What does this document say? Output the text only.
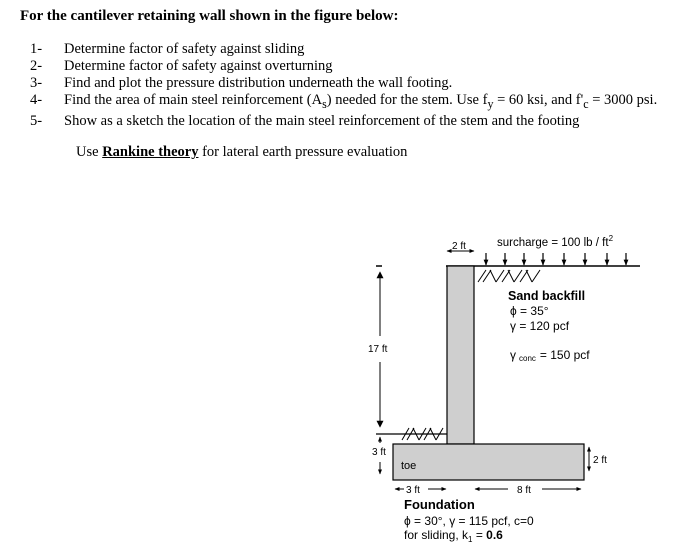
For the cantilever retaining wall shown in the figure below:
1- Determine factor of safety against sliding
2- Determine factor of safety against overturning
3- Find and plot the pressure distribution underneath the wall footing.
4- Find the area of main steel reinforcement $(A_s)$ needed for the stem. Use $f_y = 60$ ksi, and $f'_c = 3000$ psi.
5- Show as a sketch the location of the main steel reinforcement of the stem and the footing
Use Rankine theory for lateral earth pressure evaluation
2 ft	surcharge = 100 lb / $ft^2$
Sand backfill
ϕ = 35°
γ = 120 pcf
γconc = 150 pcf
17 ft
3 ft
toe	2 ft
3 ft	8 ft
Foundation
ϕ = 30°, γ = 115 pcf, c=0
for sliding, $k_1 = 0.6$
